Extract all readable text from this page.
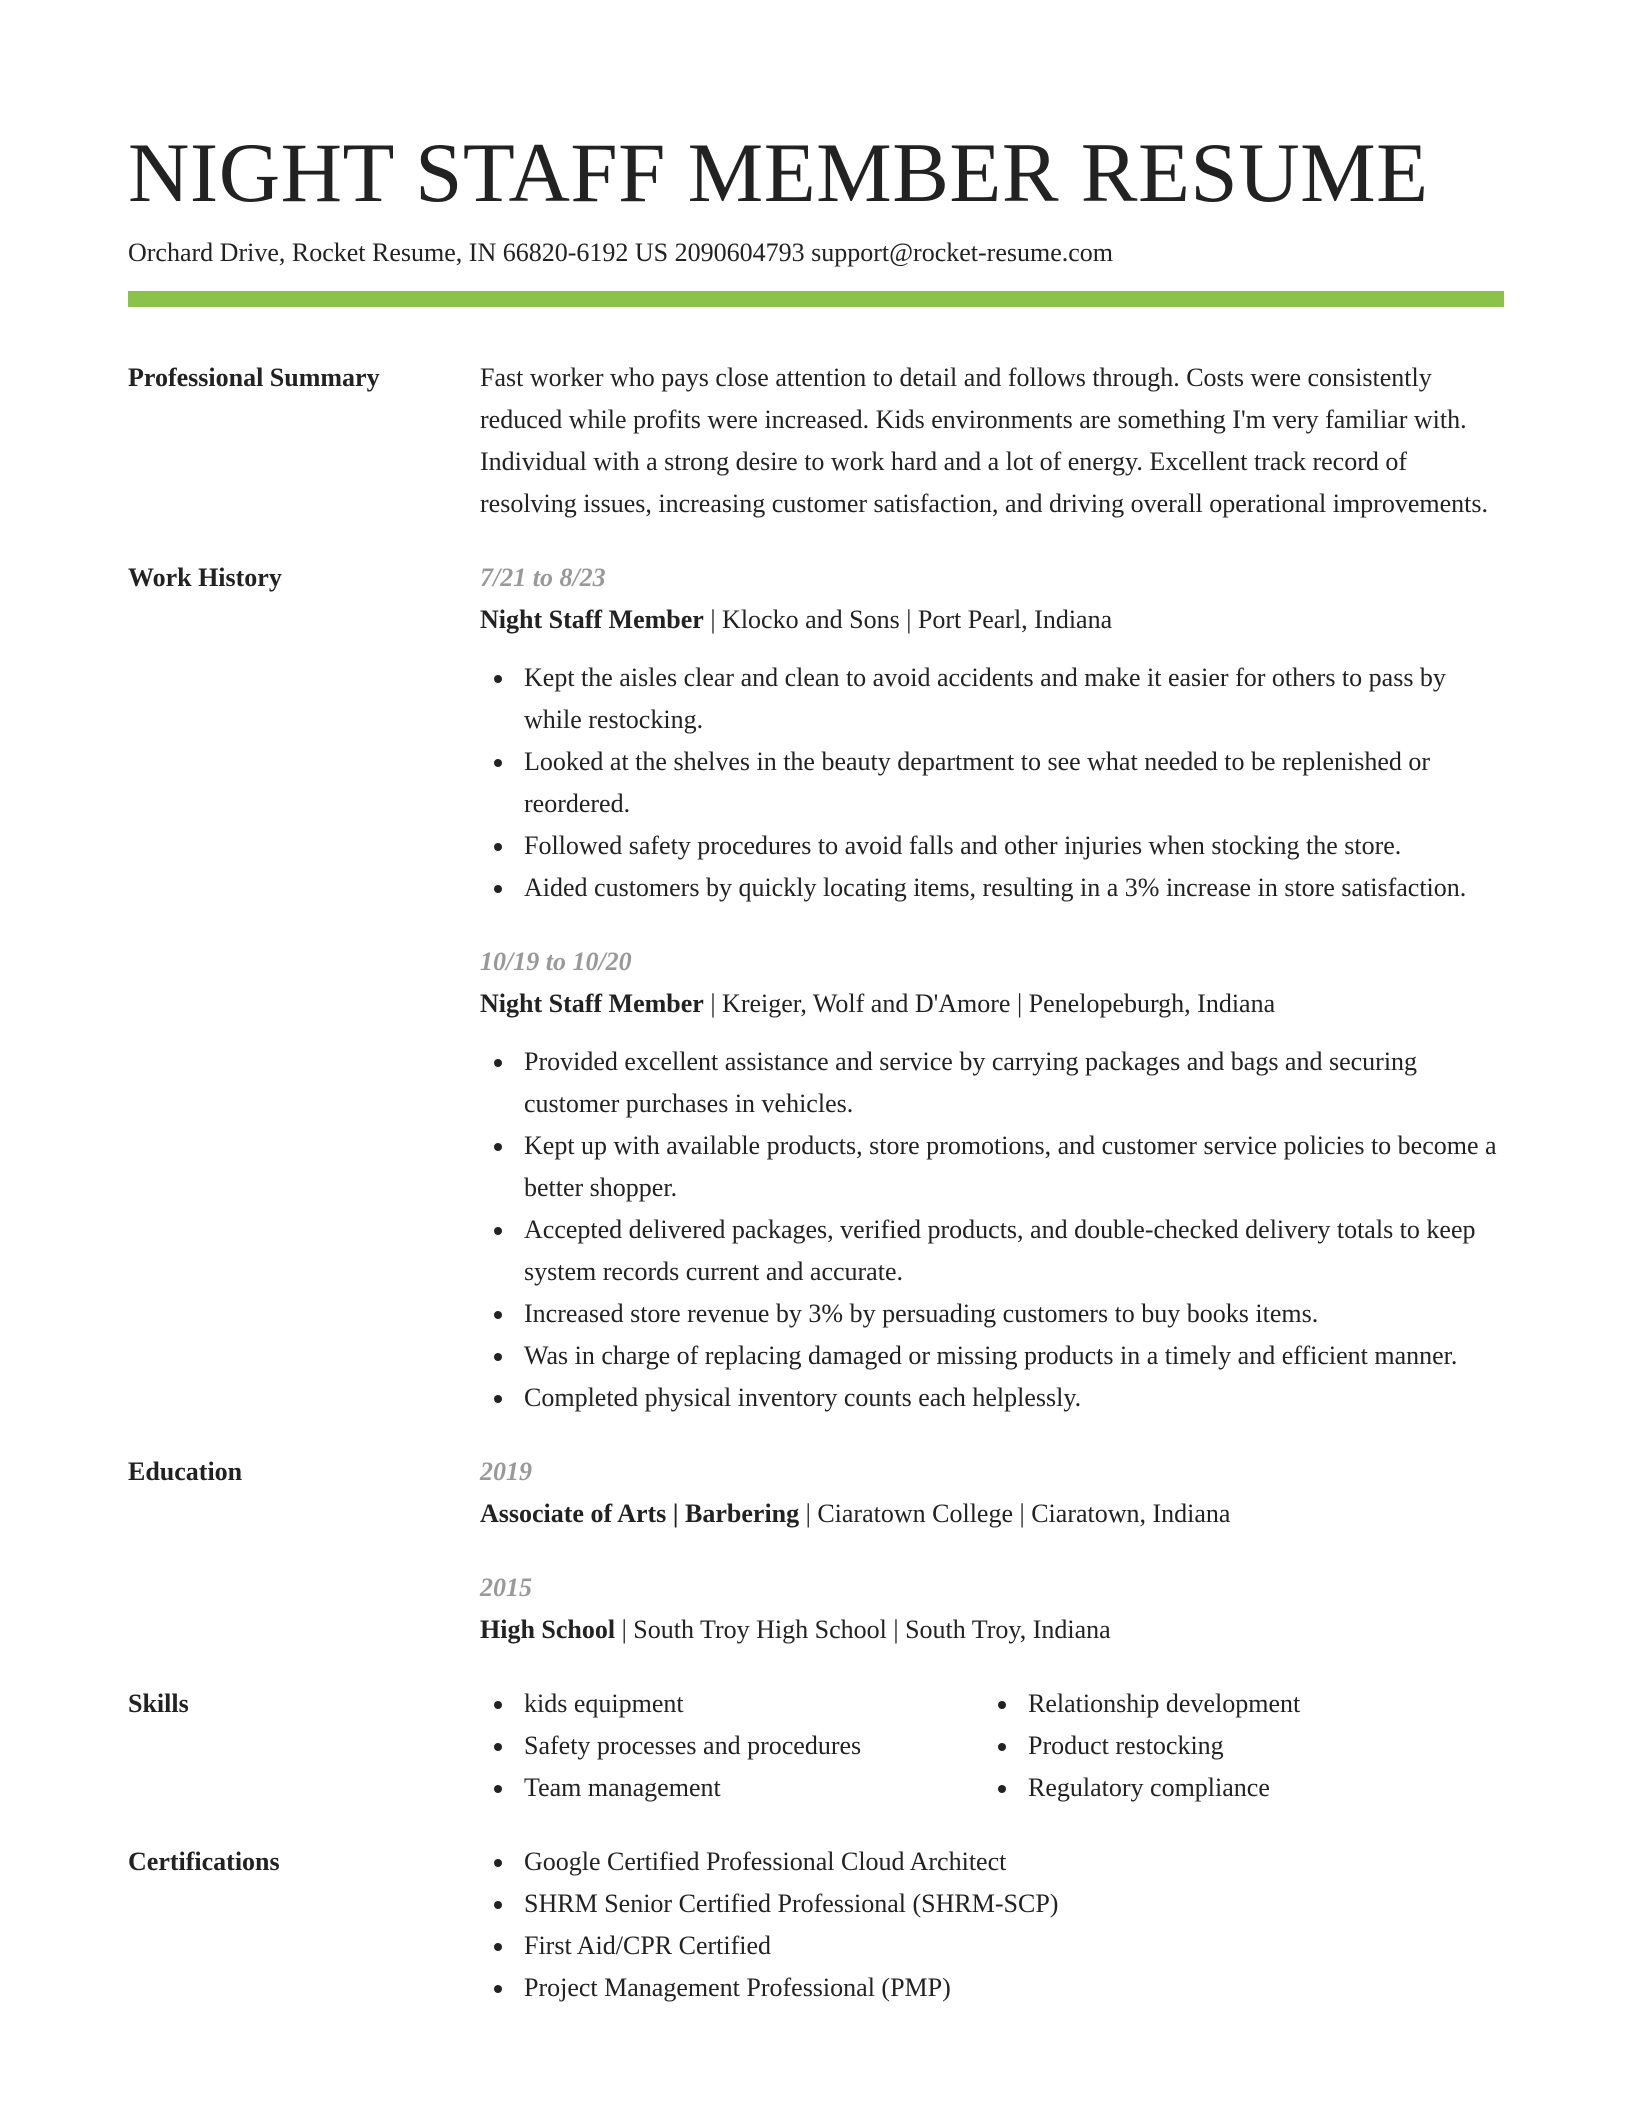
NIGHT STAFF MEMBER RESUME
Orchard Drive, Rocket Resume, IN 66820-6192 US 2090604793 support@rocket-resume.com
Professional Summary	Fast worker who pays close attention to detail and follows through. Costs were consistently reduced while profits were increased. Kids environments are something I'm very familiar with. Individual with a strong desire to work hard and a lot of energy. Excellent track record of resolving issues, increasing customer satisfaction, and driving overall operational improvements.
Work History	7/21 to 8/23
Night Staff Member | Klocko and Sons | Port Pearl, Indiana
Kept the aisles clear and clean to avoid accidents and make it easier for others to pass by while restocking.
Looked at the shelves in the beauty department to see what needed to be replenished or reordered.
Followed safety procedures to avoid falls and other injuries when stocking the store.
Aided customers by quickly locating items, resulting in a 3% increase in store satisfaction.
10/19 to 10/20
Night Staff Member | Kreiger, Wolf and D'Amore | Penelopeburgh, Indiana
Provided excellent assistance and service by carrying packages and bags and securing customer purchases in vehicles.
Kept up with available products, store promotions, and customer service policies to become a better shopper.
Accepted delivered packages, verified products, and double-checked delivery totals to keep system records current and accurate.
Increased store revenue by 3% by persuading customers to buy books items.
Was in charge of replacing damaged or missing products in a timely and efficient manner.
Completed physical inventory counts each helplessly.
Education	2019
Associate of Arts | Barbering | Ciaratown College | Ciaratown, Indiana
2015
High School | South Troy High School | South Troy, Indiana
Skills	kids equipment
Safety processes and procedures
Team management
Relationship development
Product restocking
Regulatory compliance
Certifications	Google Certified Professional Cloud Architect
SHRM Senior Certified Professional (SHRM-SCP)
First Aid/CPR Certified
Project Management Professional (PMP)
